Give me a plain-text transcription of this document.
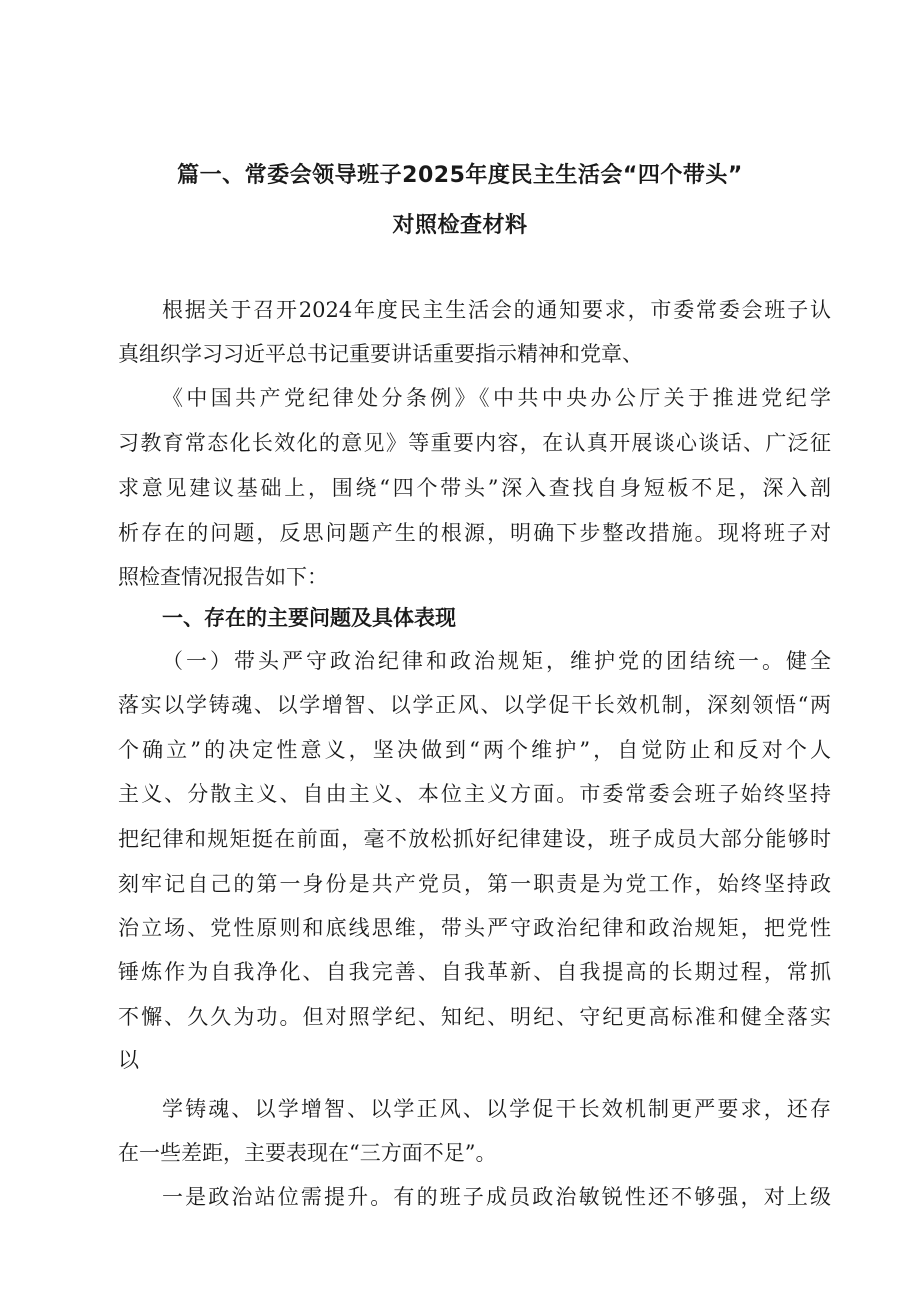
篇一、常委会领导班子2025年度民主生活会“四个带头”
对照检查材料
根据关于召开2024年度民主生活会的通知要求，市委常委会班子认
真组织学习习近平总书记重要讲话重要指示精神和党章、
《中国共产党纪律处分条例》《中共中央办公厅关于推进党纪学
习教育常态化长效化的意见》等重要内容，在认真开展谈心谈话、广泛征
求意见建议基础上，围绕“四个带头”深入查找自身短板不足，深入剖
析存在的问题，反思问题产生的根源，明确下步整改措施。现将班子对
照检查情况报告如下：
一、存在的主要问题及具体表现
（一）带头严守政治纪律和政治规矩，维护党的团结统一。健全
落实以学铸魂、以学增智、以学正风、以学促干长效机制，深刻领悟“两
个确立”的决定性意义，坚决做到“两个维护”，自觉防止和反对个人
主义、分散主义、自由主义、本位主义方面。市委常委会班子始终坚持
把纪律和规矩挺在前面，毫不放松抓好纪律建设，班子成员大部分能够时
刻牢记自己的第一身份是共产党员，第一职责是为党工作，始终坚持政
治立场、党性原则和底线思维，带头严守政治纪律和政治规矩，把党性
锤炼作为自我净化、自我完善、自我革新、自我提高的长期过程，常抓
不懈、久久为功。但对照学纪、知纪、明纪、守纪更高标准和健全落实
以
学铸魂、以学增智、以学正风、以学促干长效机制更严要求，还存
在一些差距，主要表现在“三方面不足”。
一是政治站位需提升。有的班子成员政治敏锐性还不够强，对上级
